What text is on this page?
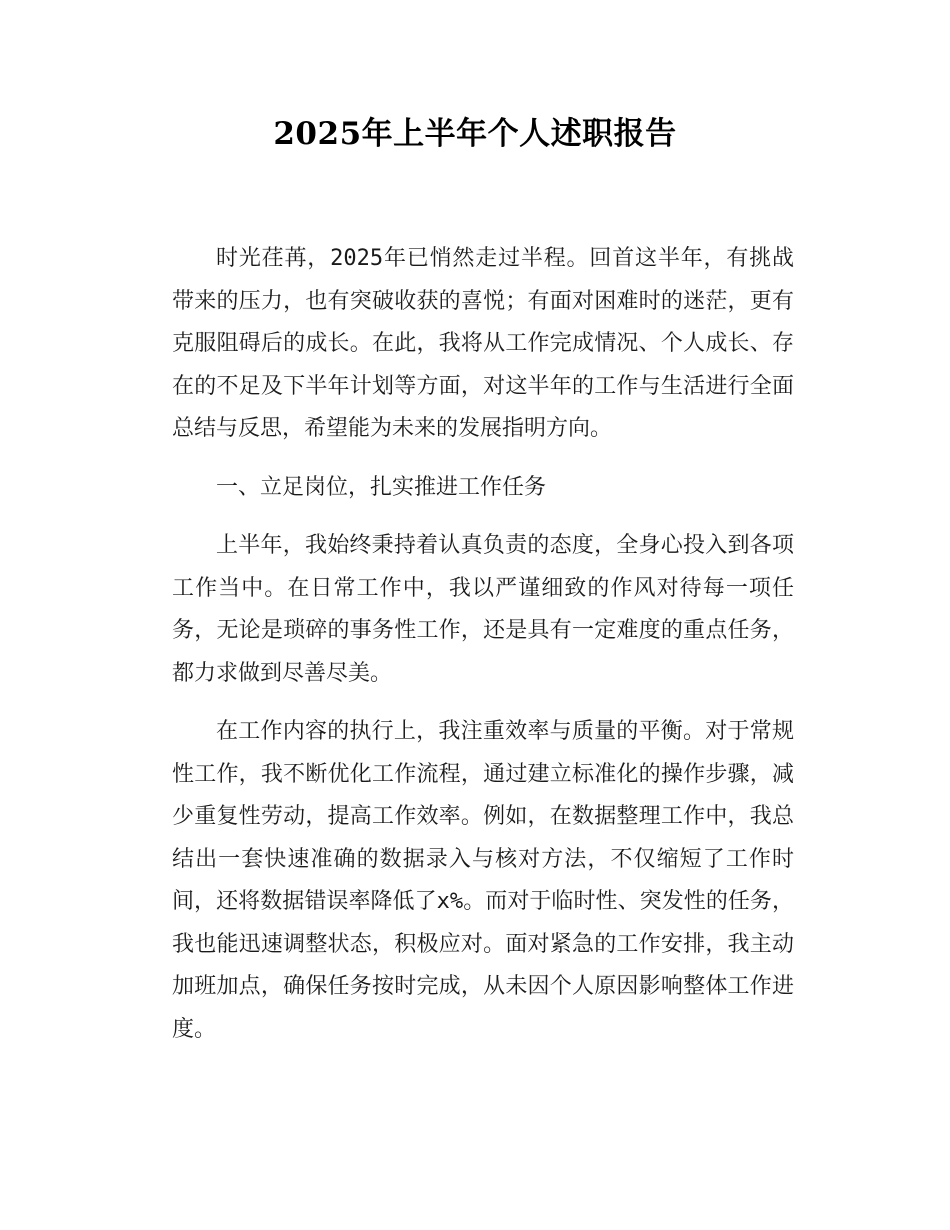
2025年上半年个人述职报告

时光荏苒，2025年已悄然走过半程。回首这半年，有挑战带来的压力，也有突破收获的喜悦；有面对困难时的迷茫，更有克服阻碍后的成长。在此，我将从工作完成情况、个人成长、存在的不足及下半年计划等方面，对这半年的工作与生活进行全面总结与反思，希望能为未来的发展指明方向。

一、立足岗位，扎实推进工作任务

上半年，我始终秉持着认真负责的态度，全身心投入到各项工作当中。在日常工作中，我以严谨细致的作风对待每一项任务，无论是琐碎的事务性工作，还是具有一定难度的重点任务，都力求做到尽善尽美。

在工作内容的执行上，我注重效率与质量的平衡。对于常规性工作，我不断优化工作流程，通过建立标准化的操作步骤，减少重复性劳动，提高工作效率。例如，在数据整理工作中，我总结出一套快速准确的数据录入与核对方法，不仅缩短了工作时间，还将数据错误率降低了x%。而对于临时性、突发性的任务，我也能迅速调整状态，积极应对。面对紧急的工作安排，我主动加班加点，确保任务按时完成，从未因个人原因影响整体工作进度。
